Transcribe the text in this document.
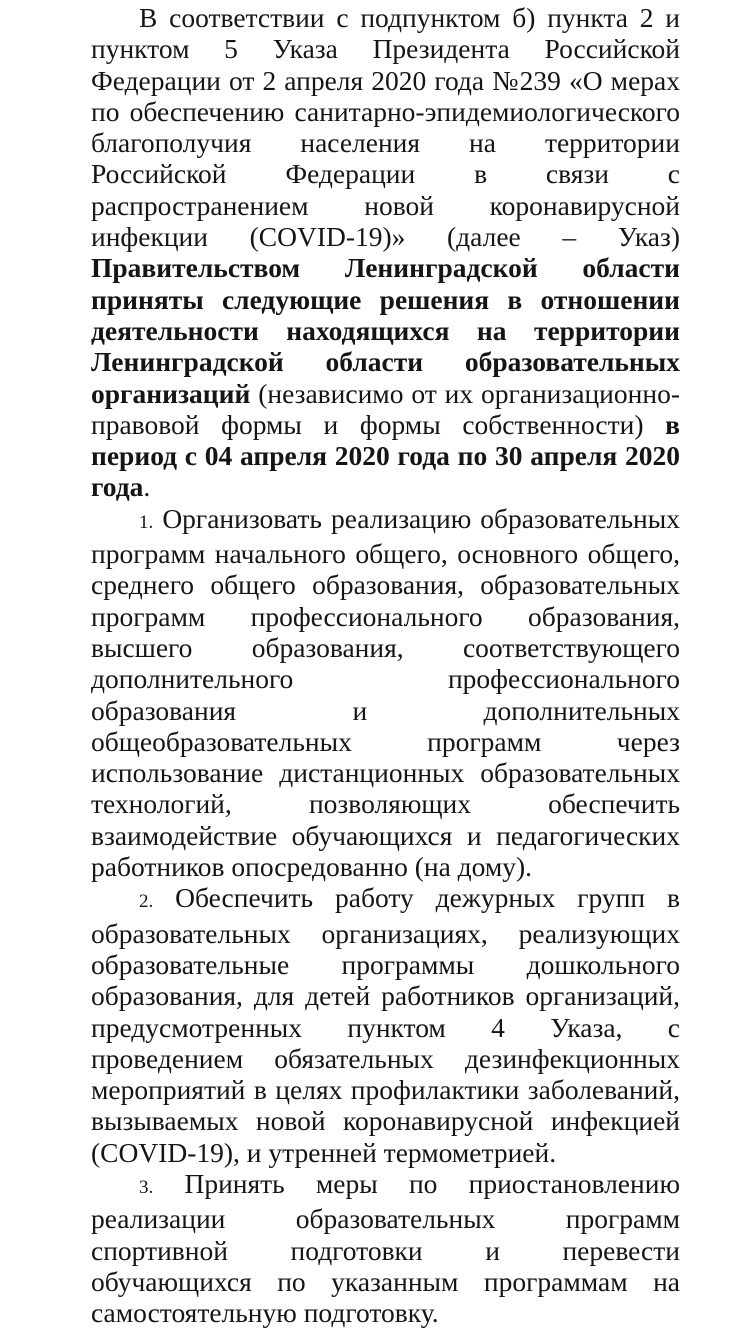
В соответствии с подпунктом б) пункта 2 и пунктом 5 Указа Президента Российской Федерации от 2 апреля 2020 года №239 «О мерах по обеспечению санитарно-эпидемиологического благополучия населения на территории Российской Федерации в связи с распространением новой коронавирусной инфекции (COVID-19)» (далее – Указ) Правительством Ленинградской области приняты следующие решения в отношении деятельности находящихся на территории Ленинградской области образовательных организаций (независимо от их организационно-правовой формы и формы собственности) в период с 04 апреля 2020 года по 30 апреля 2020 года.

1. Организовать реализацию образовательных программ начального общего, основного общего, среднего общего образования, образовательных программ профессионального образования, высшего образования, соответствующего дополнительного профессионального образования и дополнительных общеобразовательных программ через использование дистанционных образовательных технологий, позволяющих обеспечить взаимодействие обучающихся и педагогических работников опосредованно (на дому).

2. Обеспечить работу дежурных групп в образовательных организациях, реализующих образовательные программы дошкольного образования, для детей работников организаций, предусмотренных пунктом 4 Указа, с проведением обязательных дезинфекционных мероприятий в целях профилактики заболеваний, вызываемых новой коронавирусной инфекцией (COVID-19), и утренней термометрией.

3. Принять меры по приостановлению реализации образовательных программ спортивной подготовки и перевести обучающихся по указанным программам на самостоятельную подготовку.
